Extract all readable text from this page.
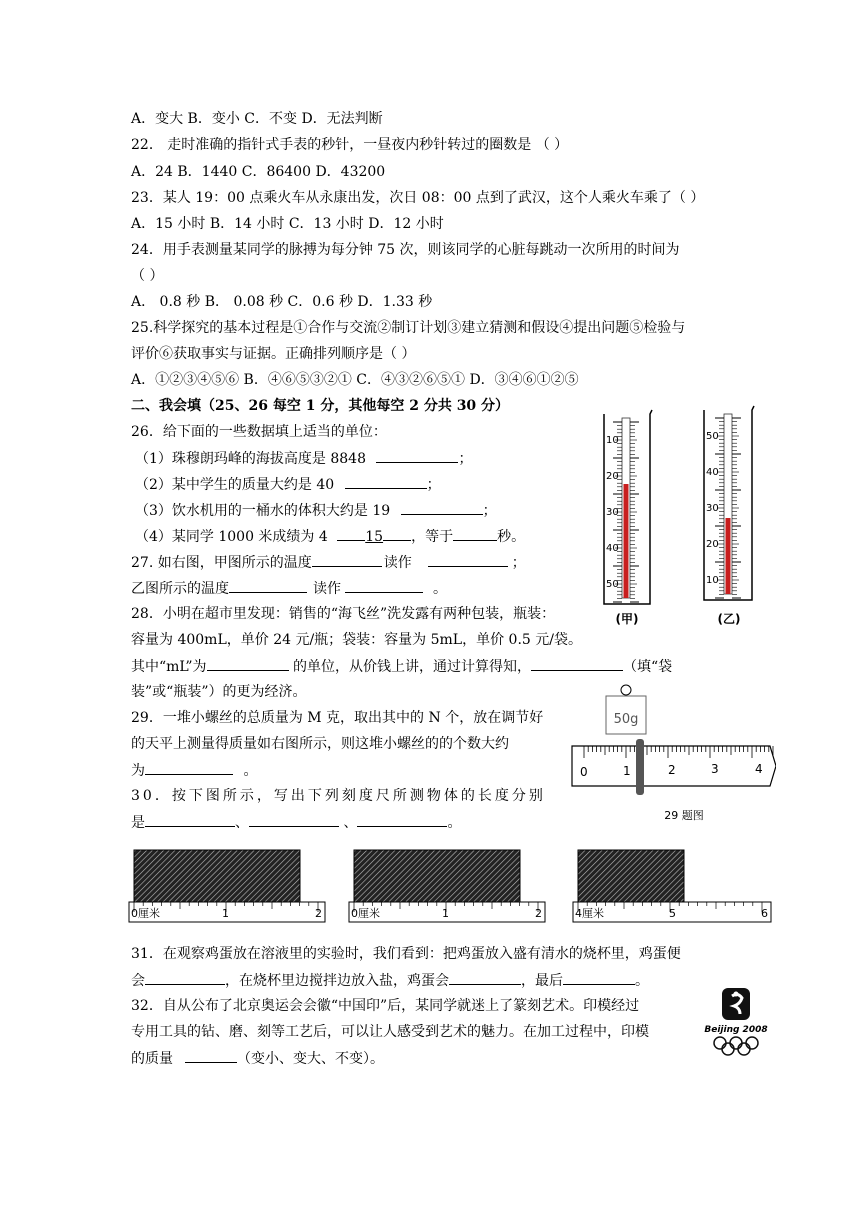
A．变大 B．变小 C．不变 D．无法判断
22． 走时准确的指针式手表的秒针，一昼夜内秒针转过的圈数是 （ ）
A．24 B．1440 C．86400 D．43200
23．某人 19：00 点乘火车从永康出发，次日 08：00 点到了武汉，这个人乘火车乘了（ ）
A．15 小时 B．14 小时 C．13 小时 D．12 小时
24．用手表测量某同学的脉搏为每分钟 75 次，则该同学的心脏每跳动一次所用的时间为
（ ）
A． 0.8 秒 B． 0.08 秒 C．0.6 秒 D．1.33 秒
25.科学探究的基本过程是①合作与交流②制订计划③建立猜测和假设④提出问题⑤检验与
评价⑥获取事实与证据。正确排列顺序是（ ）
A．①②③④⑤⑥ B．④⑥⑤③②① C．④③②⑥⑤① D．③④⑥①②⑤
二、我会填（25、26 每空 1 分，其他每空 2 分共 30 分）
26．给下面的一些数据填上适当的单位：
（1）珠穆朗玛峰的海拔高度是 8848	；
（2）某中学生的质量大约是 40	；
（3）饮水机用的一桶水的体积大约是 19	；
（4）某同学 1000 米成绩为 4	15 ，等于	秒。
27. 如右图，甲图所示的温度	读作	；
乙图所示的温度	读作	。
28．小明在超市里发现：销售的“海飞丝”洗发露有两种包装，瓶装：
容量为 400mL，单价 24 元/瓶；袋装：容量为 5mL，单价 0.5 元/袋。
其中“mL”为	的单位，从价钱上讲，通过计算得知，	（填“袋
装”或“瓶装”）的更为经济。
29．一堆小螺丝的总质量为 M 克，取出其中的 N 个，放在调节好
的天平上测量得质量如右图所示，则这堆小螺丝的的个数大约
为	。
30．按下图所示，写出下列刻度尺所测物体的长度分别
是	、	、	。
31．在观察鸡蛋放在溶液里的实验时，我们看到：把鸡蛋放入盛有清水的烧杯里，鸡蛋便
会	，在烧杯里边搅拌边放入盐，鸡蛋会	，最后	。
32．自从公布了北京奥运会会徽“中国印”后，某同学就迷上了篆刻艺术。印模经过
专用工具的钻、磨、刻等工艺后，可以让人感受到艺术的魅力。在加工过程中，印模
的质量	（变小、变大、不变）。
10
20
30
40
50
(甲)
50
40
30
20
10
(乙)
50g
0	1	2	3	4
29 题图
0厘米	1	2	0厘米	1	2	4厘米	5	6
Beijing 2008
